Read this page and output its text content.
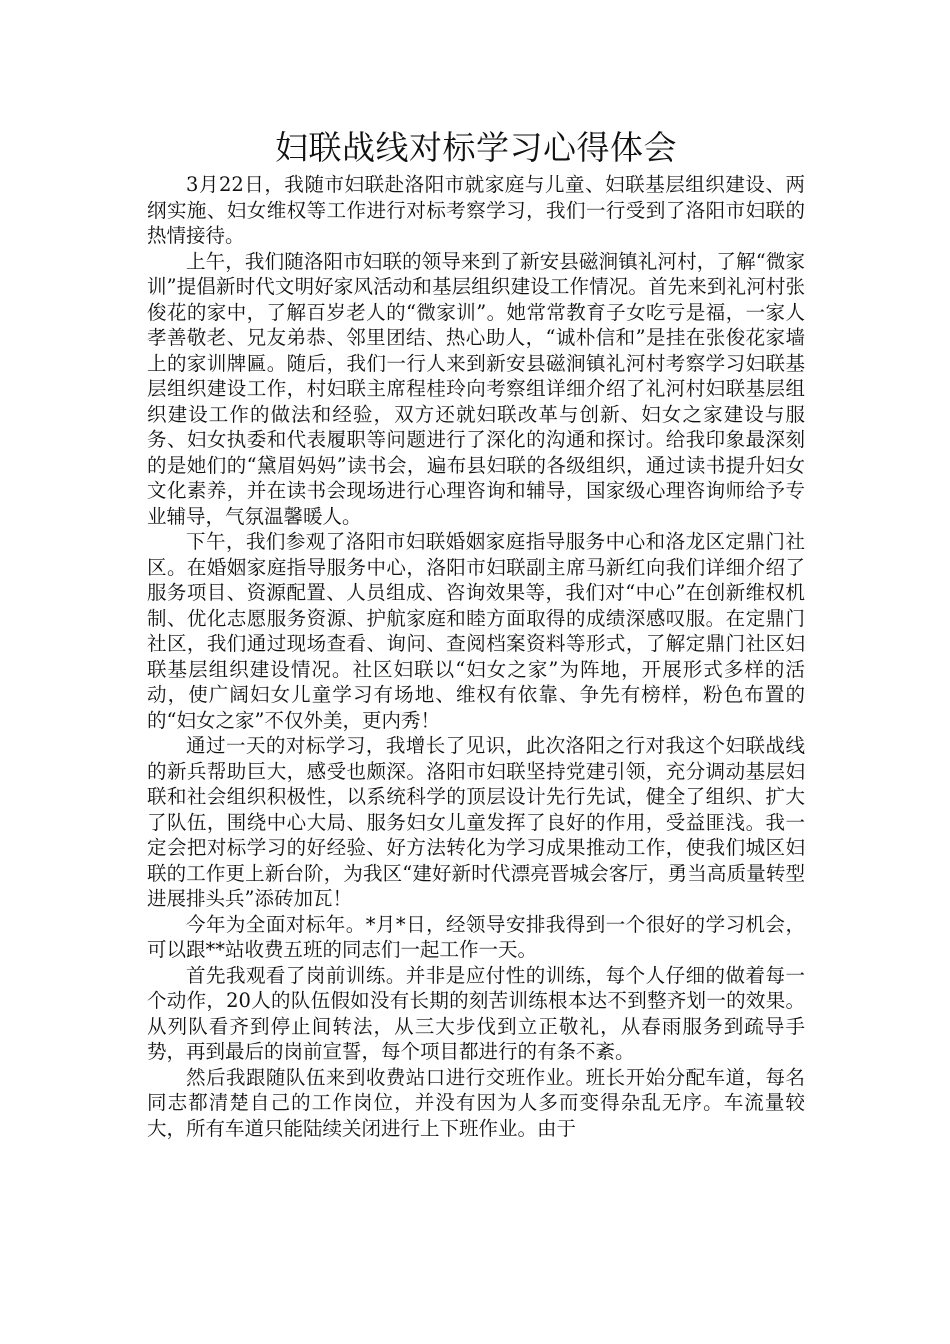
妇联战线对标学习心得体会

3月22日，我随市妇联赴洛阳市就家庭与儿童、妇联基层组织建设、两纲实施、妇女维权等工作进行对标考察学习，我们一行受到了洛阳市妇联的热情接待。

上午，我们随洛阳市妇联的领导来到了新安县磁涧镇礼河村，了解“微家训”提倡新时代文明好家风活动和基层组织建设工作情况。首先来到礼河村张俊花的家中，了解百岁老人的“微家训”。她常常教育子女吃亏是福，一家人孝善敬老、兄友弟恭、邻里团结、热心助人，“诚朴信和”是挂在张俊花家墙上的家训牌匾。随后，我们一行人来到新安县磁涧镇礼河村考察学习妇联基层组织建设工作，村妇联主席程桂玲向考察组详细介绍了礼河村妇联基层组织建设工作的做法和经验，双方还就妇联改革与创新、妇女之家建设与服务、妇女执委和代表履职等问题进行了深化的沟通和探讨。给我印象最深刻的是她们的“黛眉妈妈”读书会，遍布县妇联的各级组织，通过读书提升妇女文化素养，并在读书会现场进行心理咨询和辅导，国家级心理咨询师给予专业辅导，气氛温馨暖人。

下午，我们参观了洛阳市妇联婚姻家庭指导服务中心和洛龙区定鼎门社区。在婚姻家庭指导服务中心，洛阳市妇联副主席马新红向我们详细介绍了服务项目、资源配置、人员组成、咨询效果等，我们对“中心”在创新维权机制、优化志愿服务资源、护航家庭和睦方面取得的成绩深感叹服。在定鼎门社区，我们通过现场查看、询问、查阅档案资料等形式，了解定鼎门社区妇联基层组织建设情况。社区妇联以“妇女之家”为阵地，开展形式多样的活动，使广阔妇女儿童学习有场地、维权有依靠、争先有榜样，粉色布置的的“妇女之家”不仅外美，更内秀！

通过一天的对标学习，我增长了见识，此次洛阳之行对我这个妇联战线的新兵帮助巨大，感受也颇深。洛阳市妇联坚持党建引领，充分调动基层妇联和社会组织积极性，以系统科学的顶层设计先行先试，健全了组织、扩大了队伍，围绕中心大局、服务妇女儿童发挥了良好的作用，受益匪浅。我一定会把对标学习的好经验、好方法转化为学习成果推动工作，使我们城区妇联的工作更上新台阶，为我区“建好新时代漂亮晋城会客厅，勇当高质量转型进展排头兵”添砖加瓦！

今年为全面对标年。*月*日，经领导安排我得到一个很好的学习机会，可以跟**站收费五班的同志们一起工作一天。

首先我观看了岗前训练。并非是应付性的训练，每个人仔细的做着每一个动作，20人的队伍假如没有长期的刻苦训练根本达不到整齐划一的效果。从列队看齐到停止间转法，从三大步伐到立正敬礼，从春雨服务到疏导手势，再到最后的岗前宣誓，每个项目都进行的有条不紊。

然后我跟随队伍来到收费站口进行交班作业。班长开始分配车道，每名同志都清楚自己的工作岗位，并没有因为人多而变得杂乱无序。车流量较大，所有车道只能陆续关闭进行上下班作业。由于
